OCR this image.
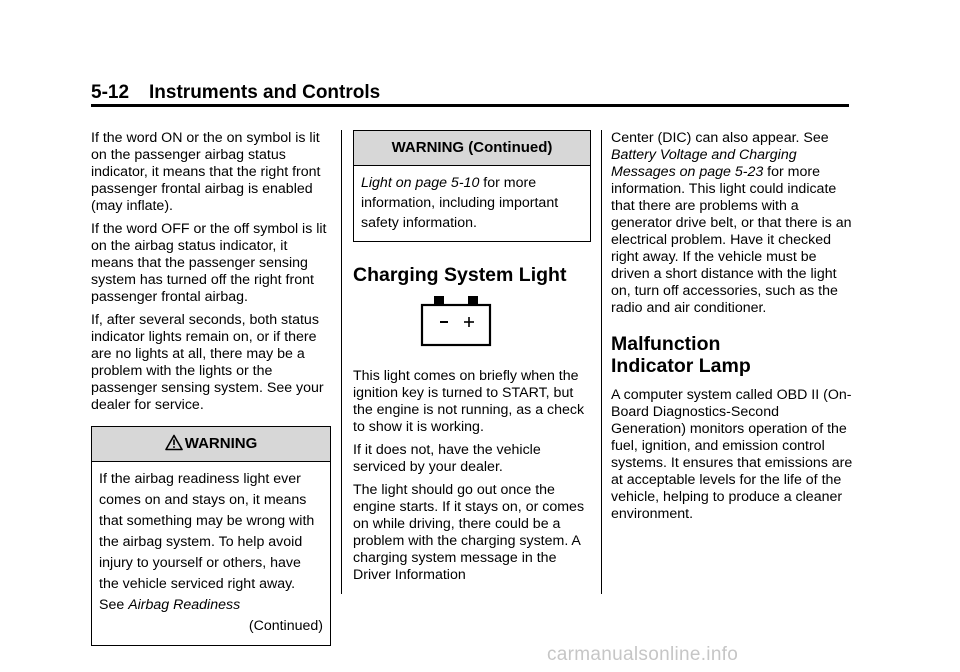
5-12 Instruments and Controls

If the word ON or the on symbol is lit on the passenger airbag status indicator, it means that the right front passenger frontal airbag is enabled (may inflate).

If the word OFF or the off symbol is lit on the airbag status indicator, it means that the passenger sensing system has turned off the right front passenger frontal airbag.

If, after several seconds, both status indicator lights remain on, or if there are no lights at all, there may be a problem with the lights or the passenger sensing system. See your dealer for service.

WARNING
If the airbag readiness light ever comes on and stays on, it means that something may be wrong with the airbag system. To help avoid injury to yourself or others, have the vehicle serviced right away. See Airbag Readiness
(Continued)
WARNING (Continued)
Light on page 5-10 for more information, including important safety information.
Charging System Light

This light comes on briefly when the ignition key is turned to START, but the engine is not running, as a check to show it is working.

If it does not, have the vehicle serviced by your dealer.

The light should go out once the engine starts. If it stays on, or comes on while driving, there could be a problem with the charging system. A charging system message in the Driver Information

Center (DIC) can also appear. See Battery Voltage and Charging Messages on page 5-23 for more information. This light could indicate that there are problems with a generator drive belt, or that there is an electrical problem. Have it checked right away. If the vehicle must be driven a short distance with the light on, turn off accessories, such as the radio and air conditioner.

Malfunction
Indicator Lamp

A computer system called OBD II (On-Board Diagnostics-Second Generation) monitors operation of the fuel, ignition, and emission control systems. It ensures that emissions are at acceptable levels for the life of the vehicle, helping to produce a cleaner environment.

carmanualsonline.info
